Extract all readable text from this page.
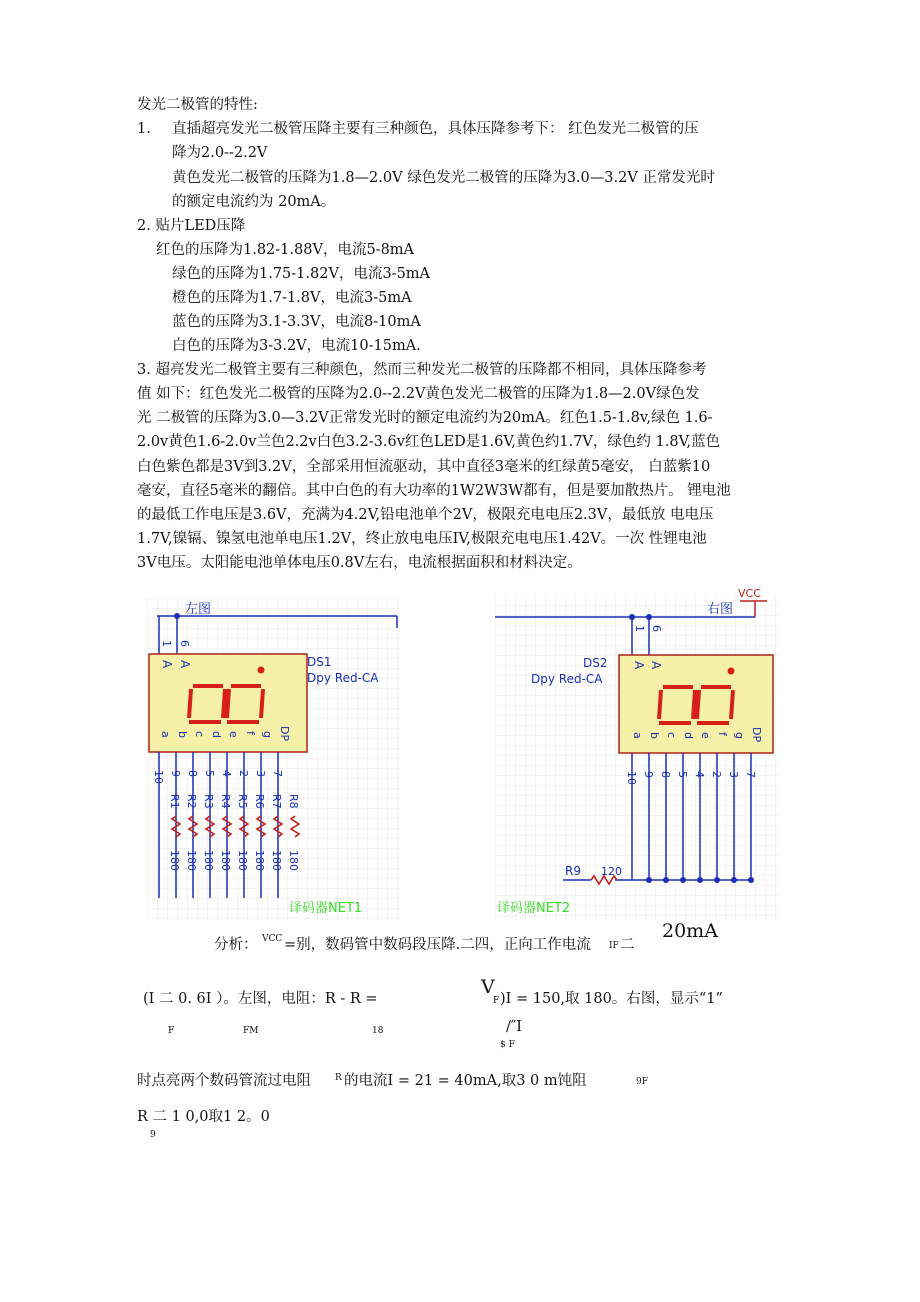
发光二极管的特性:
1. 直插超亮发光二极管压降主要有三种颜色，具体压降参考下： 红色发光二极管的压
降为2.0--2.2V
黄色发光二极管的压降为1.8—2.0V 绿色发光二极管的压降为3.0—3.2V 正常发光时
的额定电流约为 20mA。
2. 贴片LED压降
红色的压降为1.82-1.88V，电流5-8mA
绿色的压降为1.75-1.82V，电流3-5mA
橙色的压降为1.7-1.8V，电流3-5mA
蓝色的压降为3.1-3.3V，电流8-10mA
白色的压降为3-3.2V，电流10-15mA.
3. 超亮发光二极管主要有三种颜色，然而三种发光二极管的压降都不相同，具体压降参考
值 如下：红色发光二极管的压降为2.0--2.2V黄色发光二极管的压降为1.8—2.0V绿色发
光 二极管的压降为3.0—3.2V正常发光时的额定电流约为20mA。红色1.5-1.8v,绿色 1.6-
2.0v黄色1.6-2.0v兰色2.2v白色3.2-3.6v红色LED是1.6V,黄色约1.7V，绿色约 1.8V,蓝色
白色紫色都是3V到3.2V，全部采用恒流驱动，其中直径3毫米的红绿黄5毫安， 白蓝紫10
毫安，直径5毫米的翻倍。其中白色的有大功率的1W2W3W都有，但是要加散热片。 锂电池
的最低工作电压是3.6V，充满为4.2V,铅电池单个2V，极限充电电压2.3V，最低放 电电压
1.7V,镍镉、镍氢电池单电压1.2V，终止放电电压IV,极限充电电压1.42V。一次 性锂电池
3V电压。太阳能电池单体电压0.8V左右，电流根据面积和材料决定。
左图
1 6
A A	DS1
Dpy Red-CA
a b c d e f g DP
10 9 8 5 4 2 3 7
R1 R2 R3 R4 R5 R6 R7 R8
180 180 180 180 180 180 180 180
译码器NET1
VCC
右图
1 6
A A
DS2
Dpy Red-CA
a b c d e f g DP
R9 120
10 9 8 5 4 2 3 7
译码器NET2
分析： VCC =别，数码管中数码段压降.二四，正向工作电流 IF 二
20mA
(I 二 0. 6I ）。左图，电阻：R - R =
V
F )I = 150,取 180。右图，显示“1”
F	FM	18	/″I
$ F
时点亮两个数码管流过电阻	R 的电流I = 21 = 40mA,取3 0 m饨阻	9F
R 二 1 0,0取1 2。0
9
